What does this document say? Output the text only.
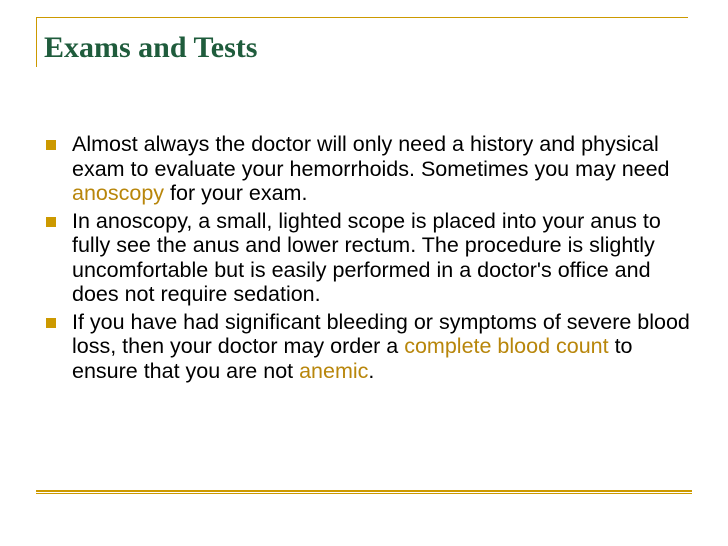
Exams and Tests
Almost always the doctor will only need a history and physical exam to evaluate your hemorrhoids. Sometimes you may need anoscopy for your exam.
In anoscopy, a small, lighted scope is placed into your anus to fully see the anus and lower rectum. The procedure is slightly uncomfortable but is easily performed in a doctor's office and does not require sedation.
If you have had significant bleeding or symptoms of severe blood loss, then your doctor may order a complete blood count to ensure that you are not anemic.
